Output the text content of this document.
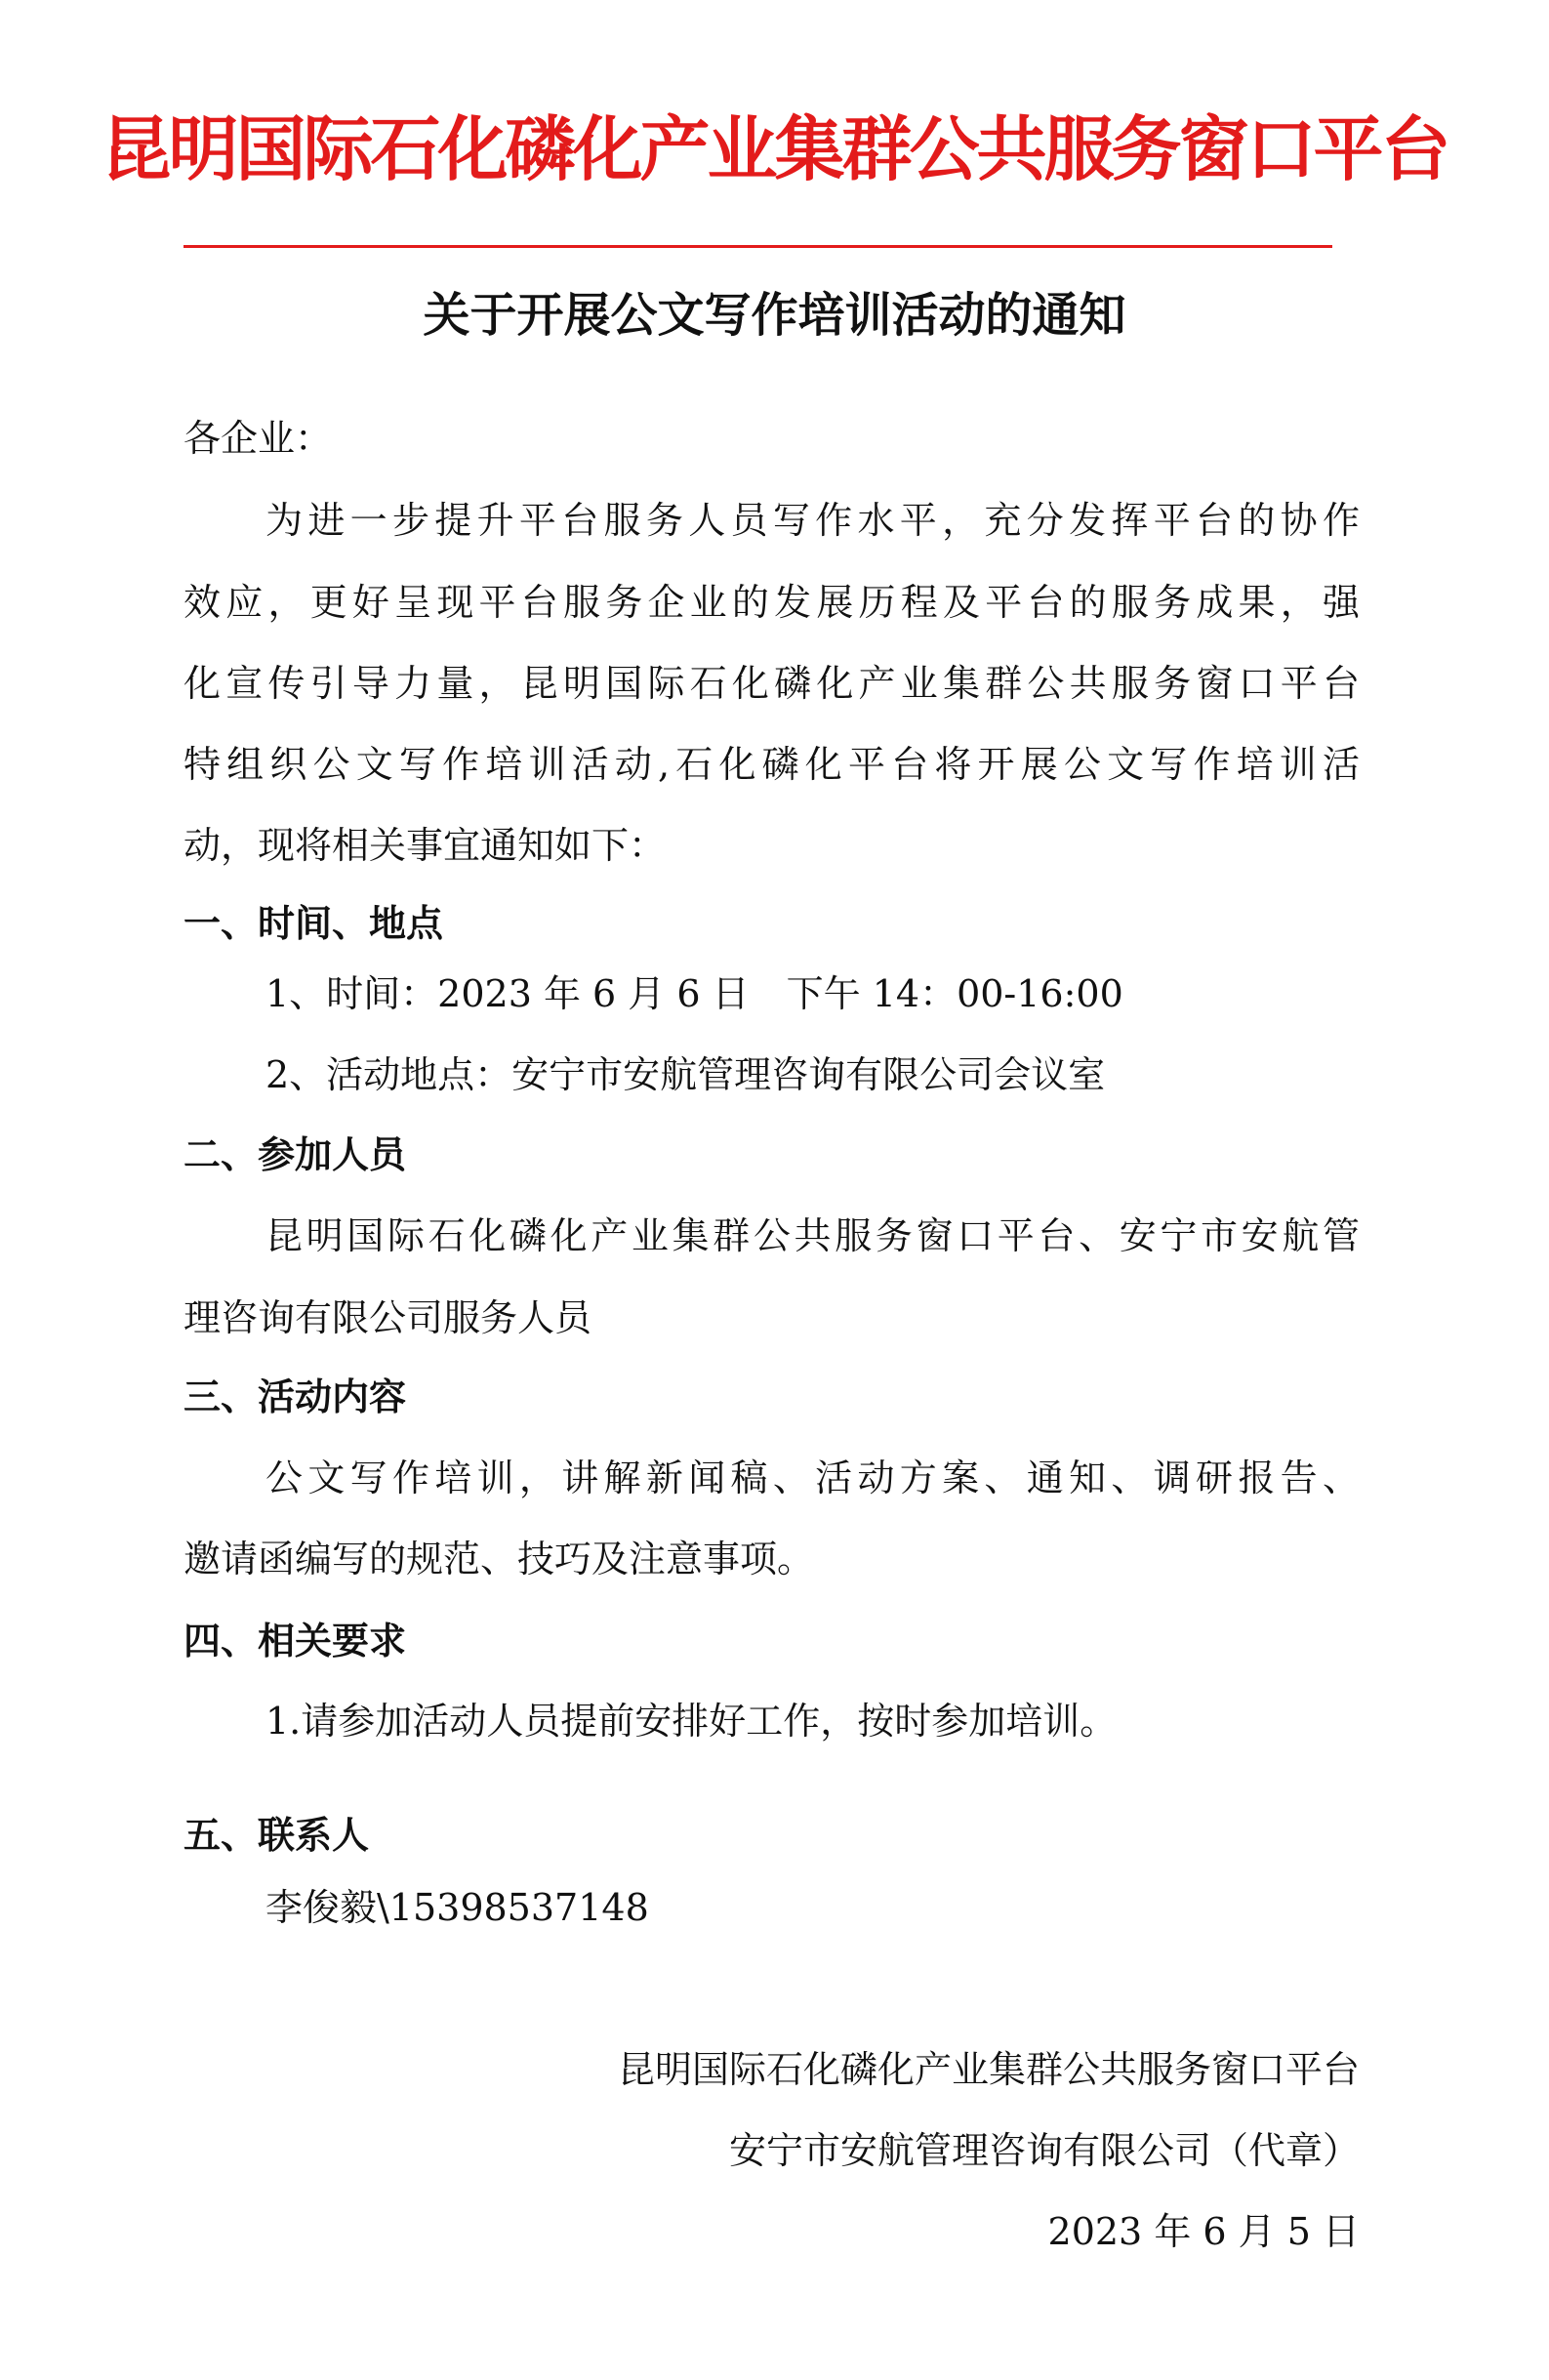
昆明国际石化磷化产业集群公共服务窗口平台
关于开展公文写作培训活动的通知
各企业：
为进一步提升平台服务人员写作水平，充分发挥平台的协作
效应，更好呈现平台服务企业的发展历程及平台的服务成果，强
化宣传引导力量，昆明国际石化磷化产业集群公共服务窗口平台
特组织公文写作培训活动,石化磷化平台将开展公文写作培训活
动，现将相关事宜通知如下：
一、时间、地点
1、时间：2023 年 6 月 6 日　下午 14：00-16:00
2、活动地点：安宁市安航管理咨询有限公司会议室
二、参加人员
昆明国际石化磷化产业集群公共服务窗口平台、安宁市安航管
理咨询有限公司服务人员
三、活动内容
公文写作培训，讲解新闻稿、活动方案、通知、调研报告、
邀请函编写的规范、技巧及注意事项。
四、相关要求
1.请参加活动人员提前安排好工作，按时参加培训。
五、联系人
李俊毅\15398537148
昆明国际石化磷化产业集群公共服务窗口平台
安宁市安航管理咨询有限公司（代章）
2023 年 6 月 5 日
